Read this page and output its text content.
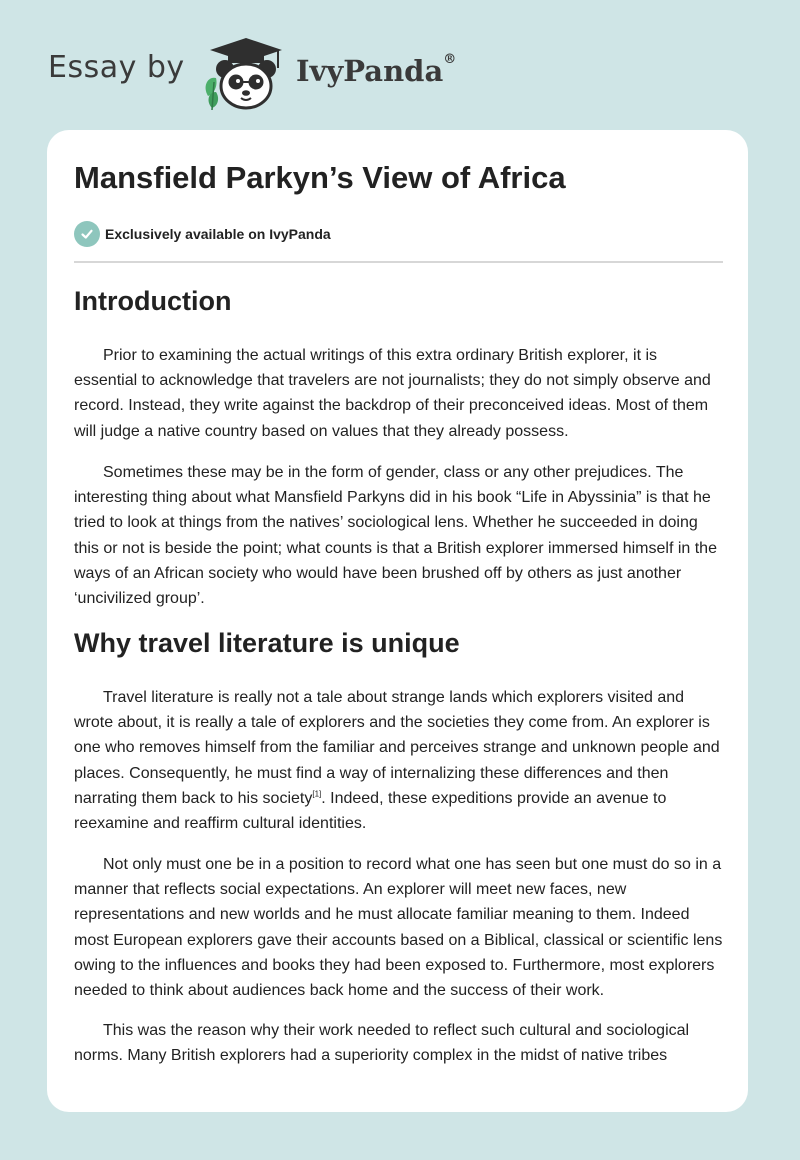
Essay by	IvyPanda®
Mansfield Parkyn’s View of Africa
Exclusively available on IvyPanda
Introduction

Prior to examining the actual writings of this extra ordinary British explorer, it is essential to acknowledge that travelers are not journalists; they do not simply observe and record. Instead, they write against the backdrop of their preconceived ideas. Most of them will judge a native country based on values that they already possess.

Sometimes these may be in the form of gender, class or any other prejudices. The interesting thing about what Mansfield Parkyns did in his book “Life in Abyssinia” is that he tried to look at things from the natives’ sociological lens. Whether he succeeded in doing this or not is beside the point; what counts is that a British explorer immersed himself in the ways of an African society who would have been brushed off by others as just another ‘uncivilized group’.

Why travel literature is unique

Travel literature is really not a tale about strange lands which explorers visited and wrote about, it is really a tale of explorers and the societies they come from. An explorer is one who removes himself from the familiar and perceives strange and unknown people and places. Consequently, he must find a way of internalizing these differences and then narrating them back to his society[1]. Indeed, these expeditions provide an avenue to reexamine and reaffirm cultural identities.

Not only must one be in a position to record what one has seen but one must do so in a manner that reflects social expectations. An explorer will meet new faces, new representations and new worlds and he must allocate familiar meaning to them. Indeed most European explorers gave their accounts based on a Biblical, classical or scientific lens owing to the influences and books they had been exposed to. Furthermore, most explorers needed to think about audiences back home and the success of their work.

This was the reason why their work needed to reflect such cultural and sociological norms. Many British explorers had a superiority complex in the midst of native tribes
